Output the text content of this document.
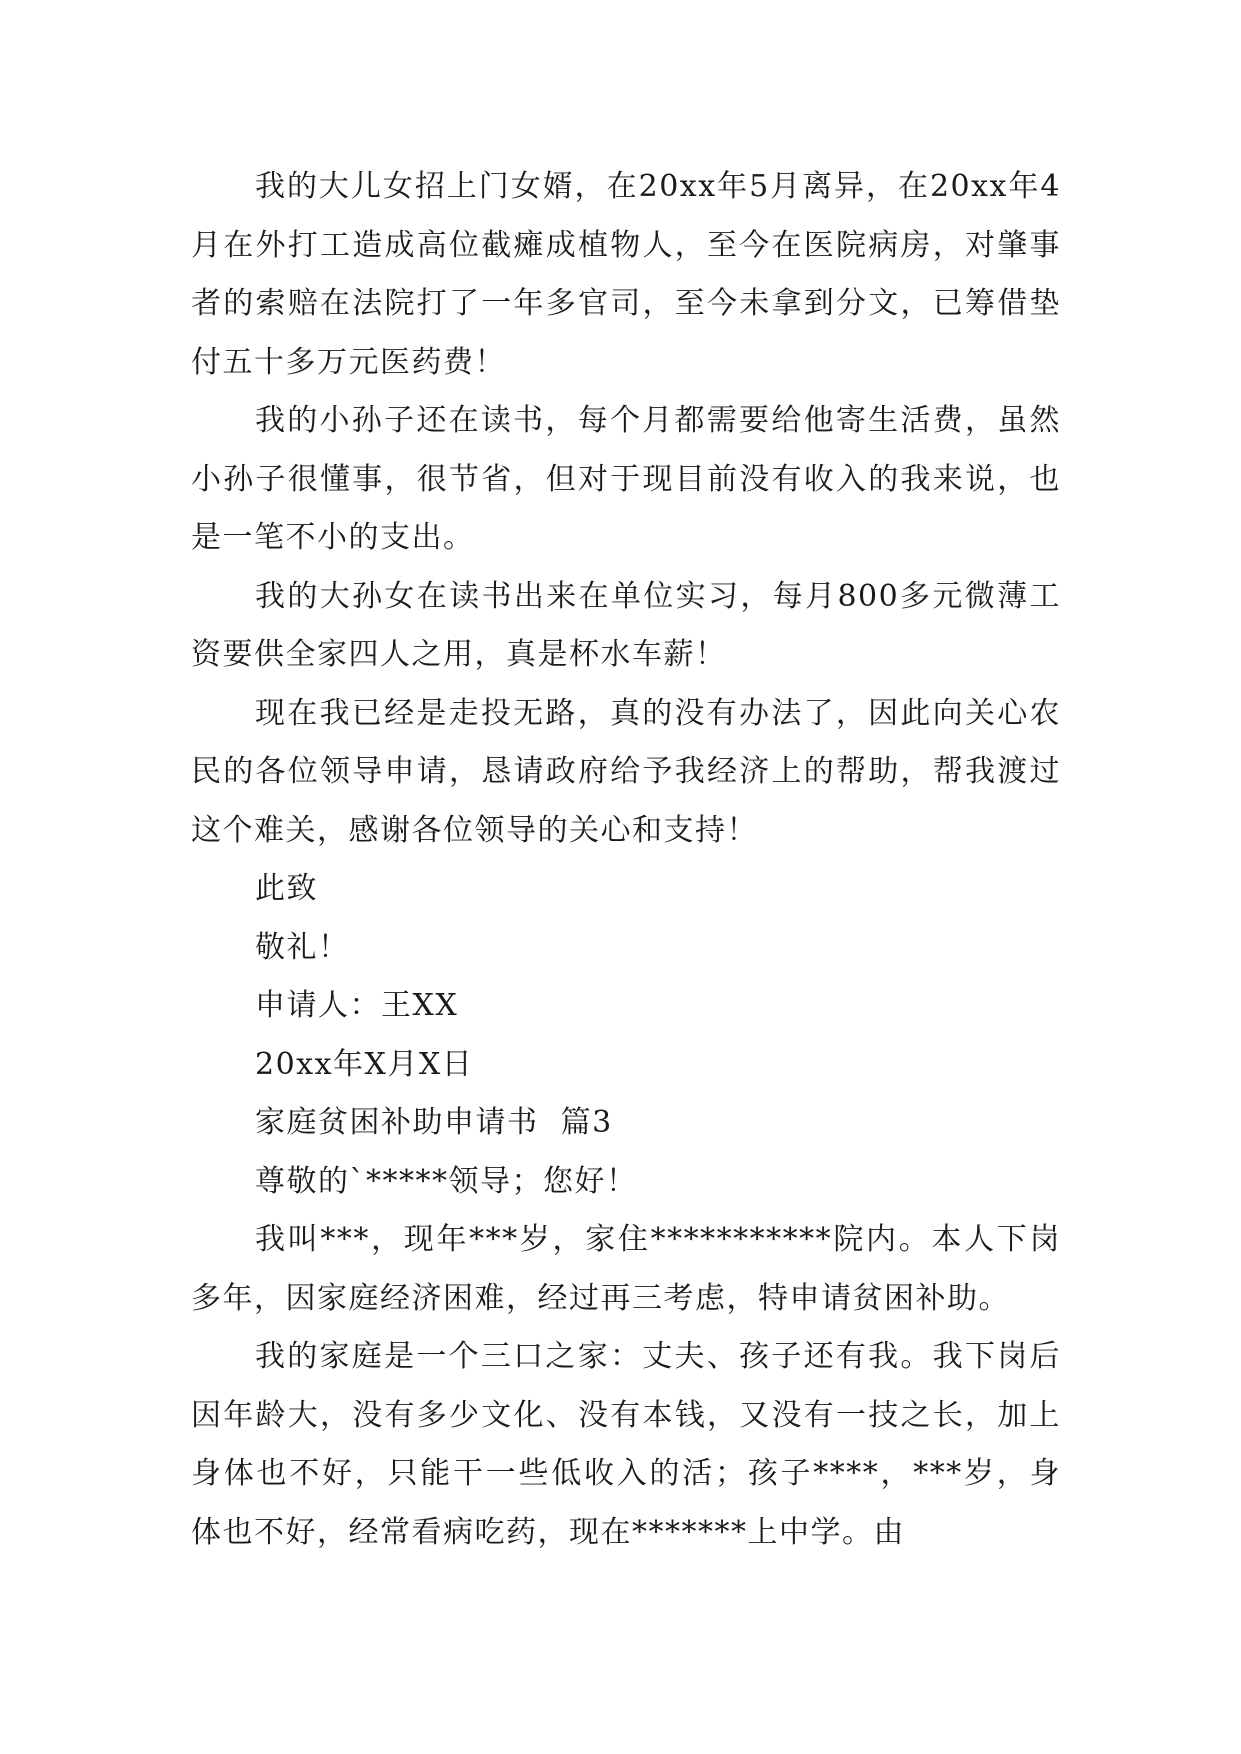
我的大儿女招上门女婿，在20xx年5月离异，在20xx年4月在外打工造成高位截瘫成植物人，至今在医院病房，对肇事者的索赔在法院打了一年多官司，至今未拿到分文，已筹借垫付五十多万元医药费！

我的小孙子还在读书，每个月都需要给他寄生活费，虽然小孙子很懂事，很节省，但对于现目前没有收入的我来说，也是一笔不小的支出。

我的大孙女在读书出来在单位实习，每月800多元微薄工资要供全家四人之用，真是杯水车薪！

现在我已经是走投无路，真的没有办法了，因此向关心农民的各位领导申请，恳请政府给予我经济上的帮助，帮我渡过这个难关，感谢各位领导的关心和支持！

此致

敬礼！

申请人：王XX

20xx年X月X日

家庭贫困补助申请书  篇3

尊敬的`*****领导；您好！

我叫***，现年***岁，家住***********院内。本人下岗多年，因家庭经济困难，经过再三考虑，特申请贫困补助。

我的家庭是一个三口之家：丈夫、孩子还有我。我下岗后因年龄大，没有多少文化、没有本钱，又没有一技之长，加上身体也不好，只能干一些低收入的活；孩子****，***岁，身体也不好，经常看病吃药，现在*******上中学。由
